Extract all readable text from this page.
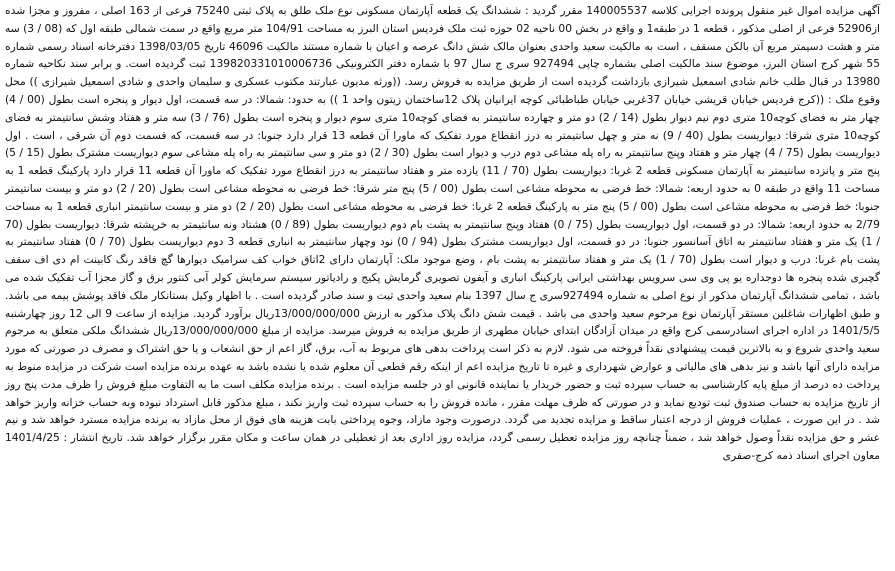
آگهی مزایده اموال غیر منقول پرونده اجرایی کلاسه 140005537 مقرر گردید : ششدانگ یک قطعه آپارتمان مسکونی نوع ملک طلق به پلاک ثبتی 75240 فرعی از 163 اصلی ، مفروز و مجزا شده از52906 فرعی از اصلی مذکور ، قطعه 1 در طبقه1 و واقع در بخش 00 ناحیه 02 حوزه ثبت ملک فردیس استان البرز به مساحت 104/91 متر مربع واقع در سمت شمالی طبقه اول که (08 / 3) سه متر و هشت دسیمتر مربع آن بالکن مسقف ، است به مالکیت سعید واحدی بعنوان مالک شش دانگ عرصه و اعیان با شماره مستند مالکیت 46096 تاریخ 1398/03/05 دفترخانه اسناد رسمی شماره 55 شهر کرج استان البرز، موضوع سند مالکیت اصلی بشماره چاپی 927494 سری ج سال 97 با شماره دفتر الکترونیکی 139820331010006736 ثبت گردیده است. و برابر سند نکاحیه شماره 13980 در قبال طلب خانم شادی اسمعیل شیرازی بازداشت گردیده است از طریق مزایده به فروش رسد. ((ورثه مدیون عبارتند مکتوب عسکری و سلیمان واحدی و شادی اسمعیل شیرازی )) محل وقوع ملک : ((کرج فردیس خیابان قریشی خیابان 37غربی خیابان طباطبائی کوچه ایرانیان پلاک 12ساختمان زیتون واحد 1 )) به حدود: شمالا: در سه قسمت، اول دیوار و پنجره است بطول (00 / 4) چهار متر به فضای کوچه10 متری دوم نیم دیوار بطول (14 / 2) دو متر و چهارده سانتیمتر به فضای کوچه10 متری سوم دیوار و پنجره است بطول (76 / 3) سه متر و هفتاد وشش سانتیمتر به فضای کوچه10 متری شرقا: دیواریست بطول (40 / 9) نه متر و چهل سانتیمتر به درز انقطاع مورد تفکیک که ماورا آن قطعه 13 قرار دارد جنوبا: در سه قسمت، که قسمت دوم آن شرقی ، است . اول دیواریست بطول (75 / 4) چهار متر و هفتاد وپنج سانتیمتر به راه پله مشاعی دوم درب و دیوار است بطول (30 / 2) دو متر و سی سانتیمتر به راه پله مشاعی سوم دیواریست مشترک بطول (15 / 5) پنج متر و پانزده سانتیمتر به آپارتمان مسکونی قطعه 2 غربا: دیواریست بطول (70 / 11) یازده متر و هفتاد سانتیمتر به درز انقطاع مورد تفکیک که ماورا آن قطعه 11 قرار دارد پارکینگ قطعه 1 به مساحت 11 واقع در طبقه 0 به حدود اربعه: شمالا: خط فرضی به محوطه مشاعی است بطول (00 / 5) پنج متر شرقا: خط فرضی به محوطه مشاعی است بطول (20 / 2) دو متر و بیست سانتیمتر جنوبا: خط فرضی به محوطه مشاعی است بطول (00 / 5) پنج متر به پارکینگ قطعه 2 غربا: خط فرضی به محوطه مشاعی است بطول (20 / 2) دو متر و بیست سانتیمتر انباری قطعه 1 به مساحت 2/79 به حدود اربعه: شمالا: در دو قسمت، اول دیواریست بطول (75 / 0) هفتاد وپنج سانتیمتر به پشت بام دوم دیواریست بطول (89 / 0) هشتاد ونه سانتیمتر به خرپشته شرقا: دیواریست بطول (70 / 1) یک متر و هفتاد سانتیمتر به اتاق آسانسور جنوبا: در دو قسمت، اول دیواریست مشترک بطول (94 / 0) نود وچهار سانتیمتر به انباری قطعه 3 دوم دیواریست بطول (70 / 0) هفتاد سانتیمتر به پشت بام غربا: درب و دیوار است بطول (70 / 1) یک متر و هفتاد سانتیمتر به پشت بام ، وضع موجود ملک: آپارتمان دارای 2اتاق خواب کف سرامیک دیوارها گچ فاقد رنگ کابینت ام دی اف سقف گچبری شده پنجره ها دوجداره یو پی وی سی سرویس بهداشتی ایرانی پارکینگ انباری و آیفون تصویری گرمایش پکیج و رادیاتور سیستم سرمایش کولر آبی کنتور برق و گاز مجزا آب تفکیک شده می باشد ، تمامی ششدانگ آپارتمان مذکور از نوع اصلی به شماره 927494سری ج سال 1397 بنام سعید واحدی ثبت و سند صادر گردیده است . با اظهار وکیل بستانکار ملک فاقد پوشش بیمه می باشد. و طبق اظهارات شاغلین مستقر آپارتمان نوع مرحوم سعید واحدی می باشد . قیمت شش دانگ پلاک مذکور به ارزش 13/000/000/000ریال برآورد گردید. مزایده از ساعت 9 الی 12 روز چهارشنبه 1401/5/5 در اداره اجرای اسنادرسمی کرج واقع در میدان آزادگان ابتدای خیابان مطهری از طریق مزایده به فروش میرسد. مزایده از مبلغ 13/000/000/000ریال ششدانگ ملکی متعلق به مرجوم سعید واحدی شروع و به بالاترین قیمت پیشنهادی نقداً فروخته می شود. لازم به ذکر است پرداخت بدهی های مربوط به آب، برق، گاز اعم از حق انشعاب و یا حق اشتراک و مصرف در صورتی که مورد مزایده دارای آنها باشد و نیز بدهی های مالیاتی و عوارض شهرداری و غیره تا تاریخ مزایده اعم از اینکه رقم قطعی آن معلوم شده یا نشده باشد به عهده برنده مزایده است شرکت در مزایده منوط به پرداخت ده درصد از مبلغ پایه کارشناسی به حساب سپرده ثبت و حضور خریدار یا نماینده قانونی او در جلسه مزایده است . برنده مزایده مکلف است ما به التفاوت مبلغ فروش را ظرف مدت پنج روز از تاریخ مزایده به حساب صندوق ثبت تودیع نماید و در صورتی که ظرف مهلت مقرر ، مانده فروش را به حساب سپرده ثبت واریز نکند ، مبلغ مذکور قابل استرداد نبوده وبه حساب خزانه واریز خواهد شد . در این صورت ، عملیات فروش از درجه اعتبار ساقط و مزایده تجدید می گردد. درصورت وجود مازاد، وجوه پرداختی بابت هزینه های فوق از محل مازاد به برنده مزایده مسترد خواهد شد و نیم عشر و حق مزایده نقداً وصول خواهد شد ، ضمناً چنانچه روز مزایده تعطیل رسمی گردد، مزایده روز اداری بعد از تعطیلی در همان ساعت و مکان مقرر برگزار خواهد شد. تاریخ انتشار : 1401/4/25 معاون اجرای اسناد ذمه کرج-صفری
